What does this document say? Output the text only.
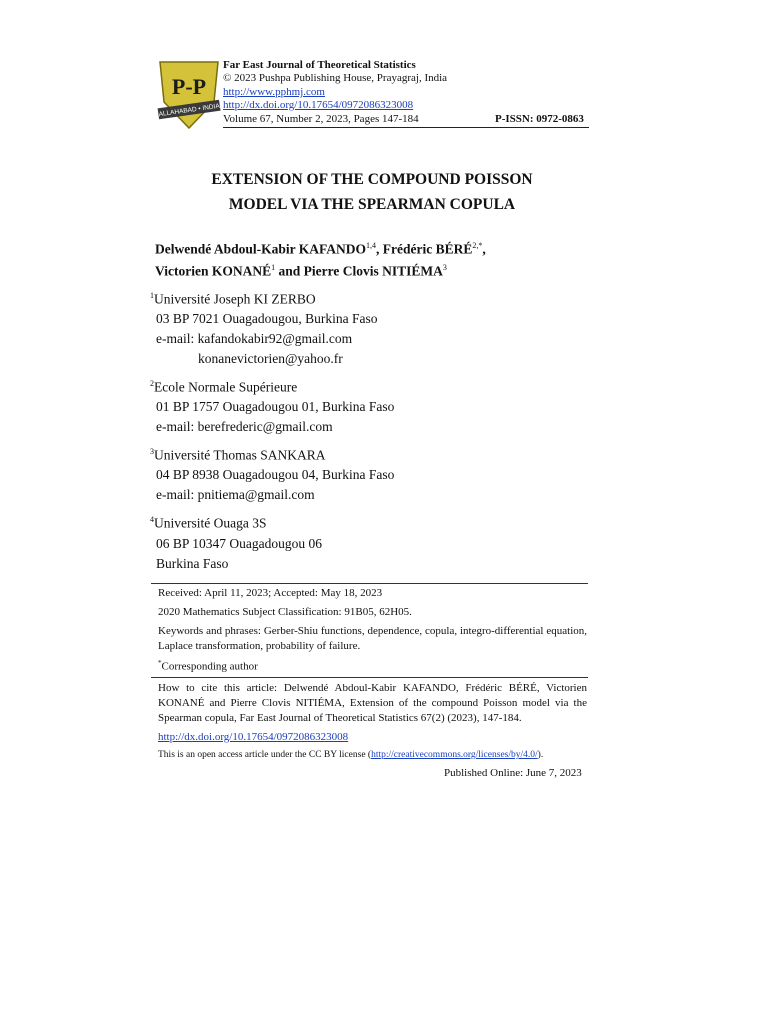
P-P
ALLAHABAD • INDIA
Far East Journal of Theoretical Statistics
© 2023 Pushpa Publishing House, Prayagraj, India
http://www.pphmj.com
http://dx.doi.org/10.17654/0972086323008
Volume 67, Number 2, 2023, Pages 147-184	P-ISSN: 0972-0863
EXTENSION OF THE COMPOUND POISSON
MODEL VIA THE SPEARMAN COPULA
Delwendé Abdoul-Kabir KAFANDO$^{1,4}$, Frédéric $BÉRÉ^{2,*}$,
Victorien KONANÉ$^1$ and Pierre Clovis NITIÉMA$^3$
$^1$Université Joseph KI ZERBO
03 BP 7021 Ouagadougou, Burkina Faso
e-mail: kafandokabir92@gmail.com
konanevictorien@yahoo.fr
$^2$Ecole Normale Supérieure
01 BP 1757 Ouagadougou 01, Burkina Faso
e-mail: berefrederic@gmail.com
$^3$Université Thomas SANKARA
04 BP 8938 Ouagadougou 04, Burkina Faso
e-mail: pnitiema@gmail.com
$^4$Université Ouaga 3S
06 BP 10347 Ouagadougou 06
Burkina Faso
Received: April 11, 2023; Accepted: May 18, 2023
2020 Mathematics Subject Classification: 91B05, 62H05.
Keywords and phrases: Gerber-Shiu functions, dependence, copula, integro-differential equation, Laplace transformation, probability of failure.
*Corresponding author
How to cite this article: Delwendé Abdoul-Kabir KAFANDO, Frédéric BÉRÉ, Victorien KONANÉ and Pierre Clovis NITIÉMA, Extension of the compound Poisson model via the Spearman copula, Far East Journal of Theoretical Statistics 67(2) (2023), 147-184.
http://dx.doi.org/10.17654/0972086323008
This is an open access article under the CC BY license (http://creativecommons.org/licenses/by/4.0/).
Published Online: June 7, 2023
